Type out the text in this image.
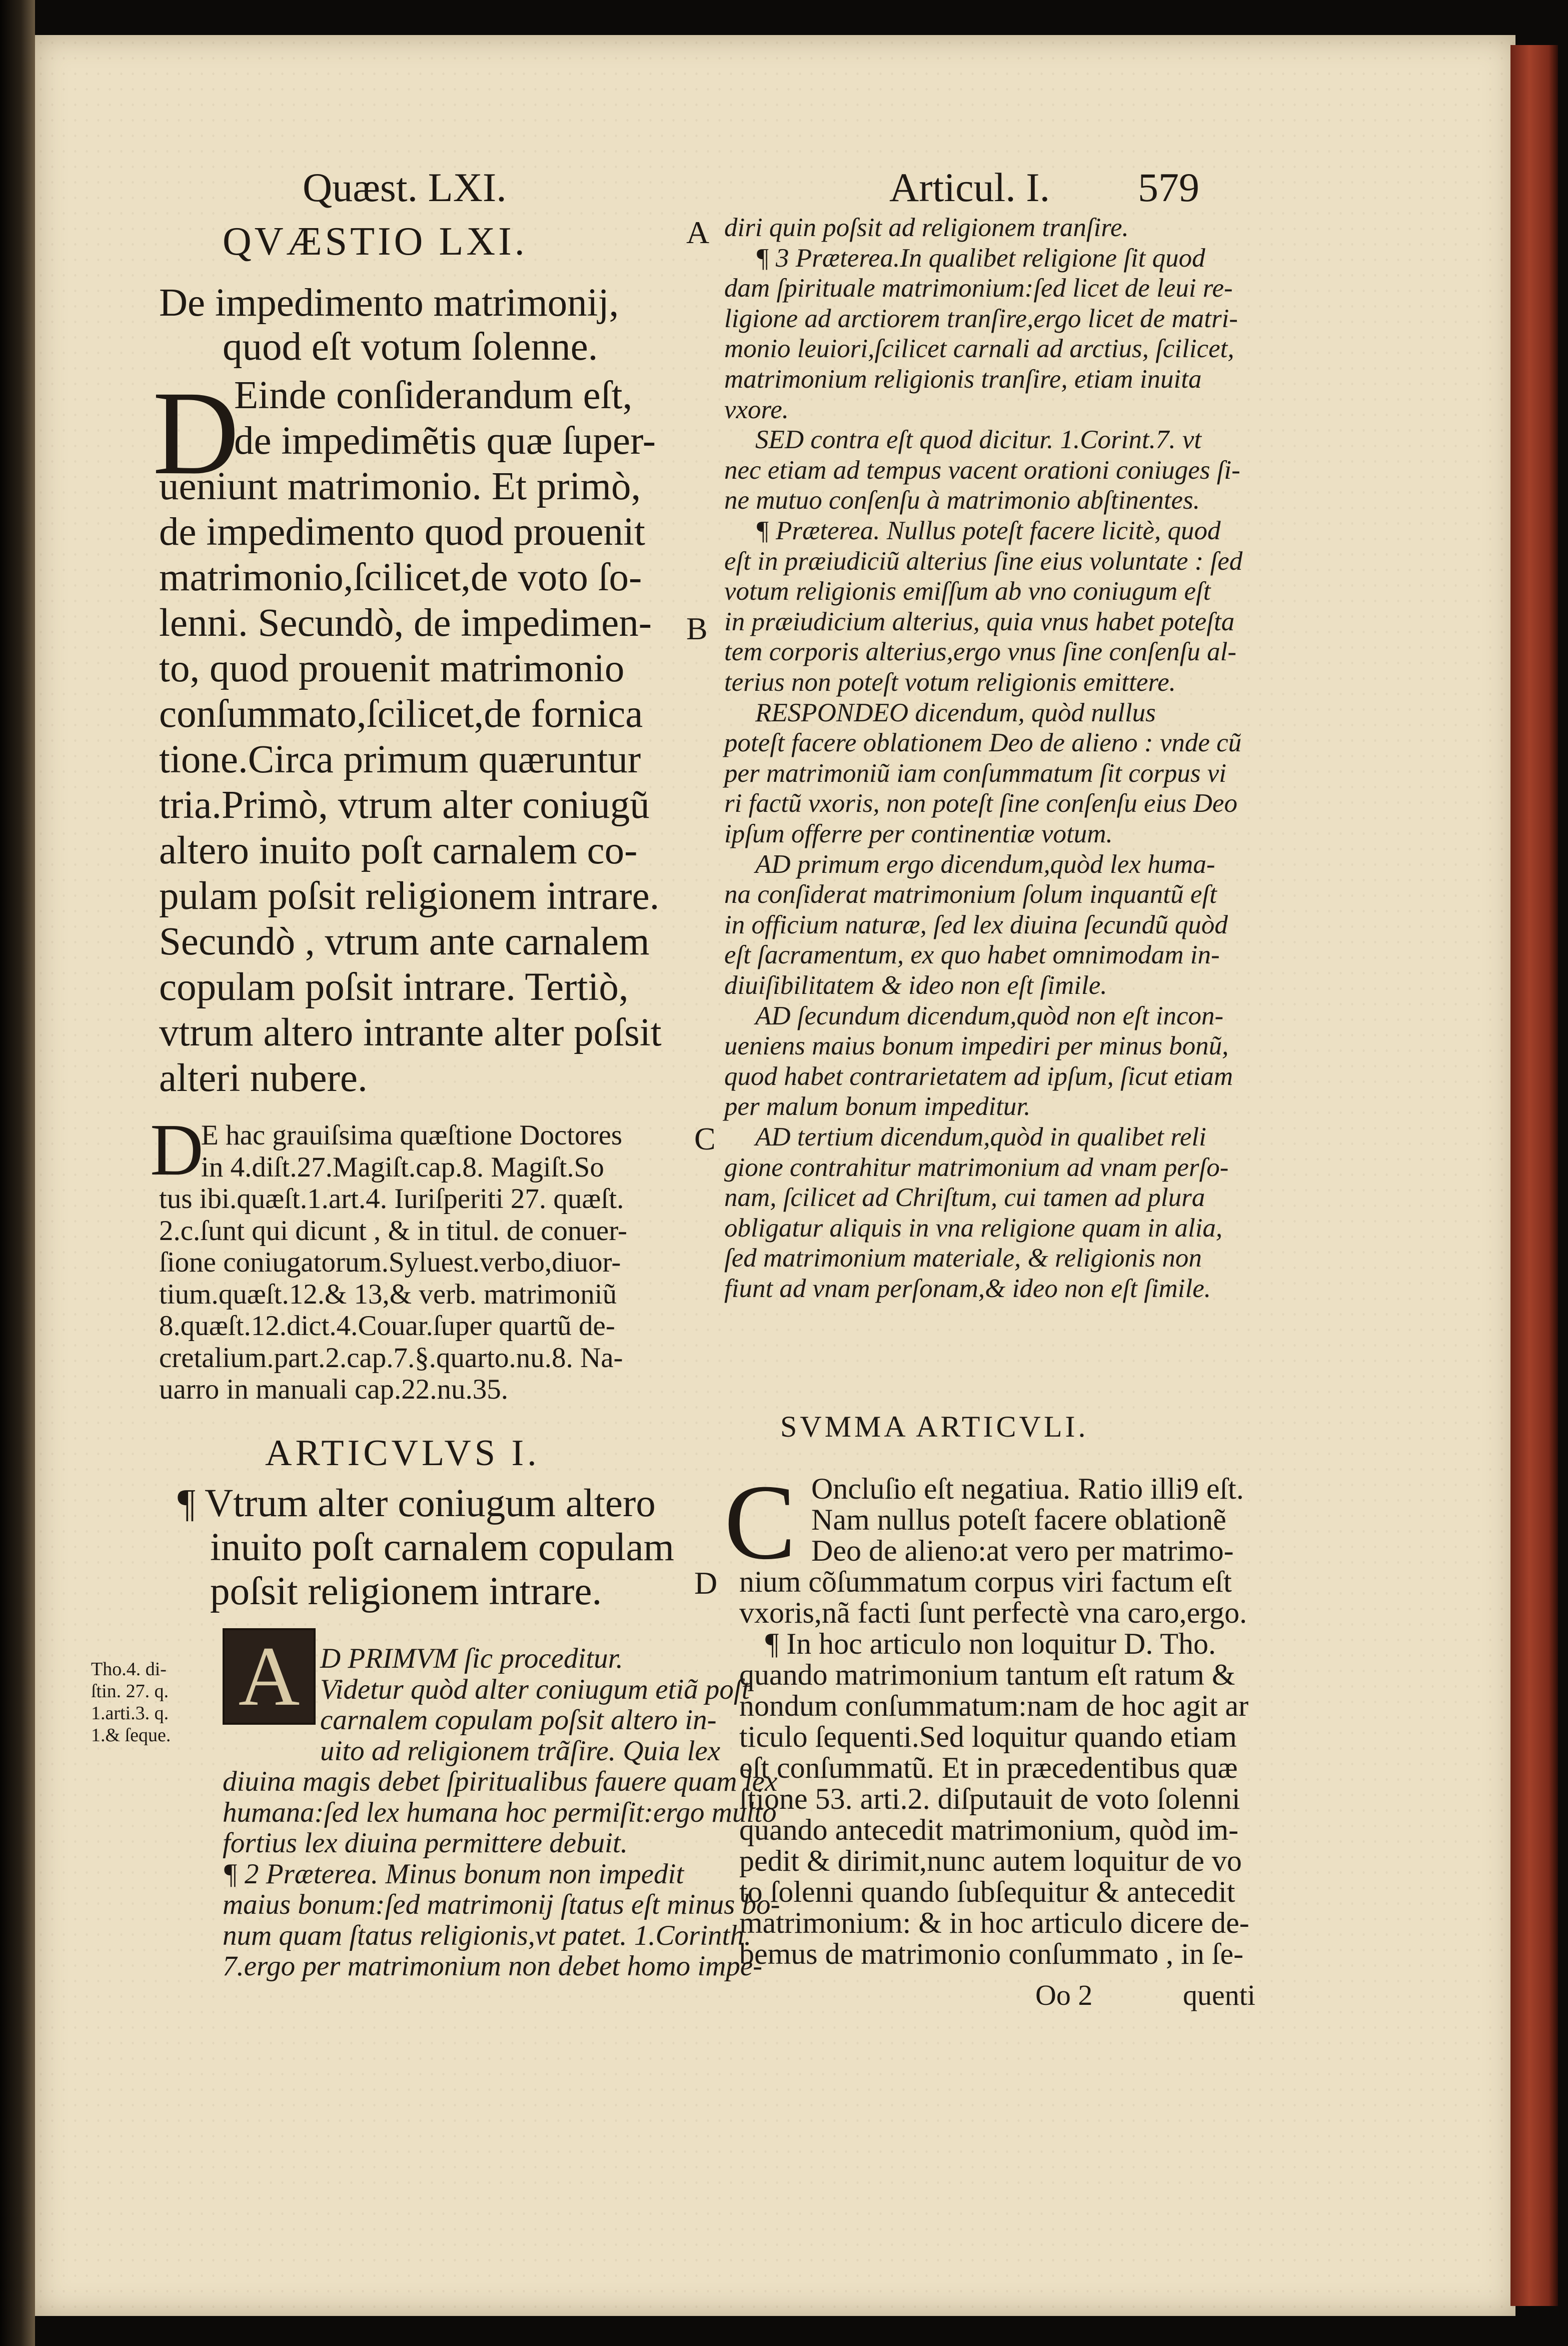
Quæst. LXI.	Articul. I. 579
QVÆSTIO LXI.
De impedimento matrimonij,
quod eſt votum ſolenne.
D
Einde conſiderandum eſt,
de impedimẽtis quæ ſuper-
ueniunt matrimonio. Et primò,
de impedimento quod prouenit
matrimonio,ſcilicet,de voto ſo-
lenni. Secundò, de impedimen-
to, quod prouenit matrimonio
conſummato,ſcilicet,de fornica
tione.Circa primum quæruntur
tria.Primò, vtrum alter coniugũ
altero inuito poſt carnalem co-
pulam poſsit religionem intrare.
Secundò , vtrum ante carnalem
copulam poſsit intrare. Tertiò,
vtrum altero intrante alter poſsit
alteri nubere.
D
E hac grauiſsima quæſtione Doctores
in 4.diſt.27.Magiſt.cap.8. Magiſt.So
tus ibi.quæſt.1.art.4. Iuriſperiti 27. quæſt.
2.c.ſunt qui dicunt , & in titul. de conuer-
ſione coniugatorum.Syluest.verbo,diuor-
tium.quæſt.12.& 13,& verb. matrimoniũ
8.quæſt.12.dict.4.Couar.ſuper quartũ de-
cretalium.part.2.cap.7.§.quarto.nu.8. Na-
uarro in manuali cap.22.nu.35.
ARTICVLVS I.
¶ Vtrum alter coniugum altero
inuito poſt carnalem copulam
poſsit religionem intrare.
A
Tho.4. di-
ſtin. 27. q.
1.arti.3. q.
1.& ſeque.
D PRIMVM ſic proceditur.
Videtur quòd alter coniugum etiã poſt
carnalem copulam poſsit altero in-
uito ad religionem trãſire. Quia lex
diuina magis debet ſpiritualibus fauere quam lex
humana:ſed lex humana hoc permiſit:ergo multo
fortius lex diuina permittere debuit.
¶ 2 Præterea. Minus bonum non impedit
maius bonum:ſed matrimonij ſtatus eſt minus bo-
num quam ſtatus religionis,vt patet. 1.Corinth.
7.ergo per matrimonium non debet homo impe-
A
B
C
D
diri quin poſsit ad religionem tranſire.
¶ 3 Præterea.In qualibet religione ſit quod
dam ſpirituale matrimonium:ſed licet de leui re-
ligione ad arctiorem tranſire,ergo licet de matri-
monio leuiori,ſcilicet carnali ad arctius, ſcilicet,
matrimonium religionis tranſire, etiam inuita
vxore.
SED contra eſt quod dicitur. 1.Corint.7. vt
nec etiam ad tempus vacent orationi coniuges ſi-
ne mutuo conſenſu à matrimonio abſtinentes.
¶ Præterea. Nullus poteſt facere licitè, quod
eſt in præiudiciũ alterius ſine eius voluntate : ſed
votum religionis emiſſum ab vno coniugum eſt
in præiudicium alterius, quia vnus habet poteſta
tem corporis alterius,ergo vnus ſine conſenſu al-
terius non poteſt votum religionis emittere.
RESPONDEO dicendum, quòd nullus
poteſt facere oblationem Deo de alieno : vnde cũ
per matrimoniũ iam conſummatum ſit corpus vi
ri factũ vxoris, non poteſt ſine conſenſu eius Deo
ipſum offerre per continentiæ votum.
AD primum ergo dicendum,quòd lex huma-
na conſiderat matrimonium ſolum inquantũ eſt
in officium naturæ, ſed lex diuina ſecundũ quòd
eſt ſacramentum, ex quo habet omnimodam in-
diuiſibilitatem & ideo non eſt ſimile.
AD ſecundum dicendum,quòd non eſt incon-
ueniens maius bonum impediri per minus bonũ,
quod habet contrarietatem ad ipſum, ſicut etiam
per malum bonum impeditur.
AD tertium dicendum,quòd in qualibet reli
gione contrahitur matrimonium ad vnam perſo-
nam, ſcilicet ad Chriſtum, cui tamen ad plura
obligatur aliquis in vna religione quam in alia,
ſed matrimonium materiale, & religionis non
fiunt ad vnam perſonam,& ideo non eſt ſimile.
SVMMA ARTICVLI.
C Oncluſio eſt negatiua. Ratio illi9 eſt.
Nam nullus poteſt facere oblationẽ
Deo de alieno:at vero per matrimo-
nium cõſummatum corpus viri factum eſt
vxoris,nã facti ſunt perfectè vna caro,ergo.
¶ In hoc articulo non loquitur D. Tho.
quando matrimonium tantum eſt ratum &
nondum conſummatum:nam de hoc agit ar
ticulo ſequenti.Sed loquitur quando etiam
eſt conſummatũ. Et in præcedentibus quæ
ſtione 53. arti.2. diſputauit de voto ſolenni
quando antecedit matrimonium, quòd im-
pedit & dirimit,nunc autem loquitur de vo
to ſolenni quando ſubſequitur & antecedit
matrimonium: & in hoc articulo dicere de-
bemus de matrimonio conſummato , in ſe-
Oo 2	quenti
